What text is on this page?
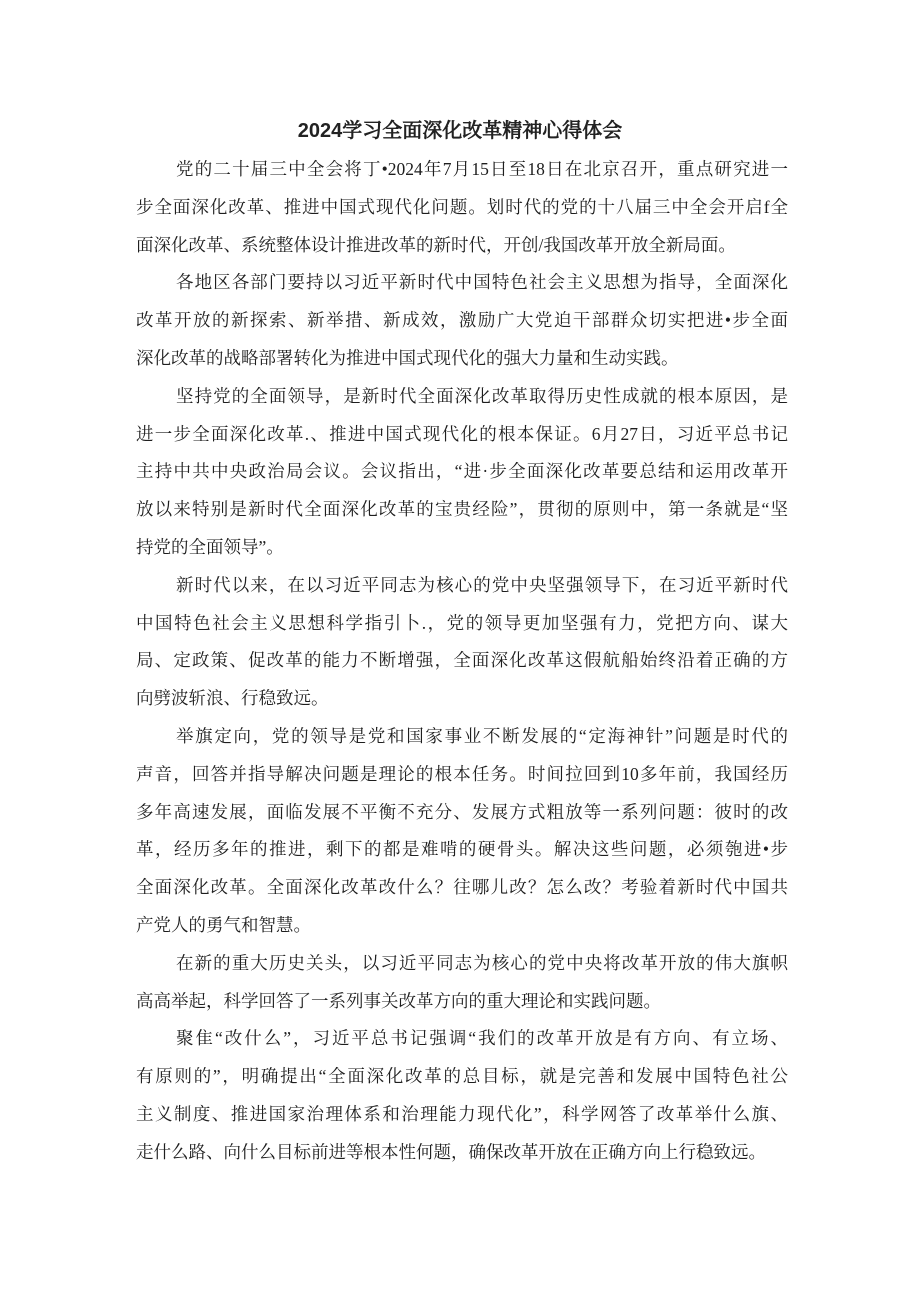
2024学习全面深化改革精神心得体会
党的二十届三中全会将丁•2024年7月15日至18日在北京召开，重点研究进一
步全面深化改革、推进中国式现代化问题。划时代的党的十八届三中全会开启f全
面深化改革、系统整体设计推进改革的新时代，开创/我国改革开放全新局面。
各地区各部门要持以习近平新时代中国特色社会主义思想为指导，全面深化
改革开放的新探索、新举措、新成效，激励广大党迫干部群众切实把进•步全面
深化改革的战略部署转化为推进中国式现代化的强大力量和生动实践。
坚持党的全面领导，是新时代全面深化改革取得历史性成就的根本原因，是
进一步全面深化改革.、推进中国式现代化的根本保证。6月27日，习近平总书记
主持中共中央政治局会议。会议指出，“进·步全面深化改革要总结和运用改革开
放以来特别是新时代全面深化改革的宝贵经险”，贯彻的原则中，第一条就是“坚
持党的全面领导”。
新时代以来，在以习近平同志为核心的党中央坚强领导下，在习近平新时代
中国特色社会主义思想科学指引卜.，党的领导更加坚强有力，党把方向、谋大
局、定政策、促改革的能力不断增强，全面深化改革这假航船始终沿着正确的方
向劈波斩浪、行稳致远。
举旗定向，党的领导是党和国家事业不断发展的“定海神针”问题是时代的
声音，回答并指导解决问题是理论的根本任务。时间拉回到10多年前，我国经历
多年高速发展，面临发展不平衡不充分、发展方式粗放等一系列问题：彼时的改
革，经历多年的推进，剩下的都是难啃的硬骨头。解决这些问题，必须匏进•步
全面深化改革。全面深化改革改什么？往哪儿改？怎么改？考验着新时代中国共
产党人的勇气和智慧。
在新的重大历史关头，以习近平同志为核心的党中央将改革开放的伟大旗帜
高高举起，科学回答了一系列事关改革方向的重大理论和实践问题。
聚隹“改什么”，习近平总书记强调“我们的改革开放是有方向、有立场、
有原则的”，明确提出“全面深化改革的总目标，就是完善和发展中国特色社公
主义制度、推进国家治理体系和治理能力现代化”，科学网答了改革举什么旗、
走什么路、向什么目标前进等根本性何题，确保改革开放在正确方向上行稳致远。
